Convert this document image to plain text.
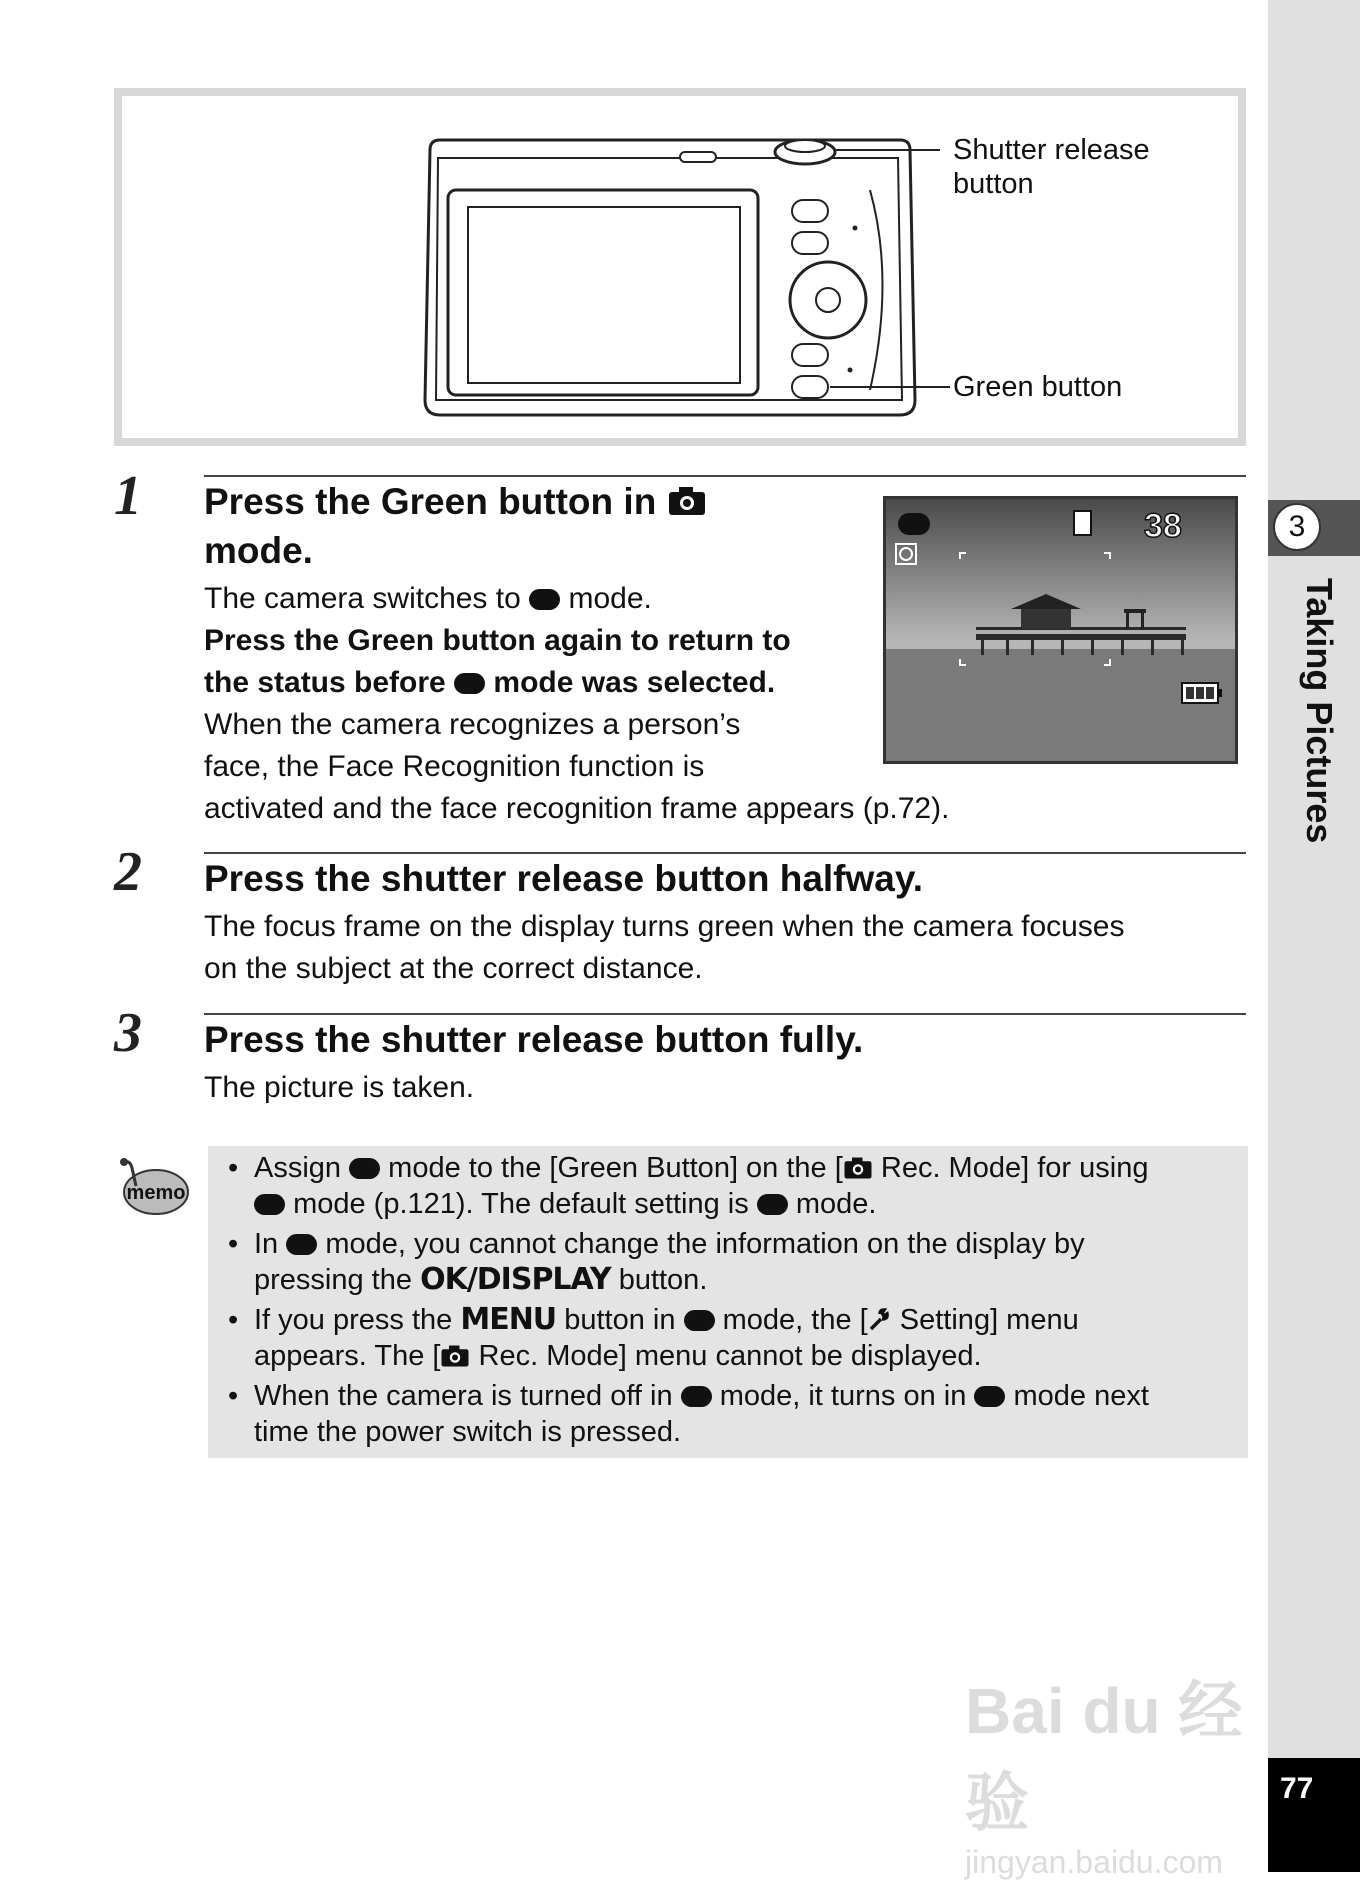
3
Taking Pictures
77
Shutter release
button
Green button
1 Press the Green button in
mode.
The camera switches to mode.
Press the Green button again to return to
the status before mode was selected.
When the camera recognizes a person’s
face, the Face Recognition function is
activated and the face recognition frame appears (p.72).
38
2 Press the shutter release button halfway.
The focus frame on the display turns green when the camera focuses
on the subject at the correct distance.
3 Press the shutter release button fully.
The picture is taken.
memo
• Assign mode to the [Green Button] on the [ Rec. Mode] for using
mode (p.121). The default setting is mode.
• In mode, you cannot change the information on the display by
pressing the OK/DISPLAY button.
• If you press the MENU button in mode, the [ Setting] menu
appears. The [ Rec. Mode] menu cannot be displayed.
• When the camera is turned off in mode, it turns on in mode next
time the power switch is pressed.
Bai du 经验
jingyan.baidu.com
